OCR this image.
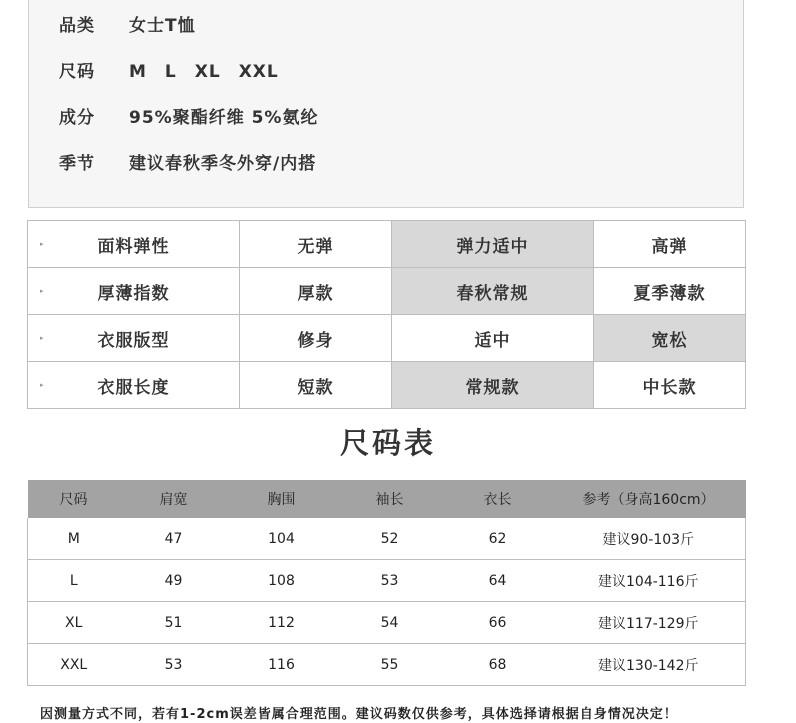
品类	女士T恤
尺码	M　L　XL　XXL
成分	95%聚酯纤维 5%氨纶
季节	建议春秋季冬外穿/内搭
▸ 面料弹性	无弹	弹力适中	高弹

▸ 厚薄指数	厚款	春秋常规	夏季薄款

▸ 衣服版型	修身	适中	宽松

▸ 衣服长度	短款	常规款	中长款
尺码表
尺码	肩宽	胸围	袖长	衣长	参考（身高160cm）
M	47	104	52	62	建议90-103斤
L	49	108	53	64	建议104-116斤
XL	51	112	54	66	建议117-129斤
XXL	53	116	55	68	建议130-142斤
因测量方式不同，若有1-2cm误差皆属合理范围。建议码数仅供参考，具体选择请根据自身情况决定！
